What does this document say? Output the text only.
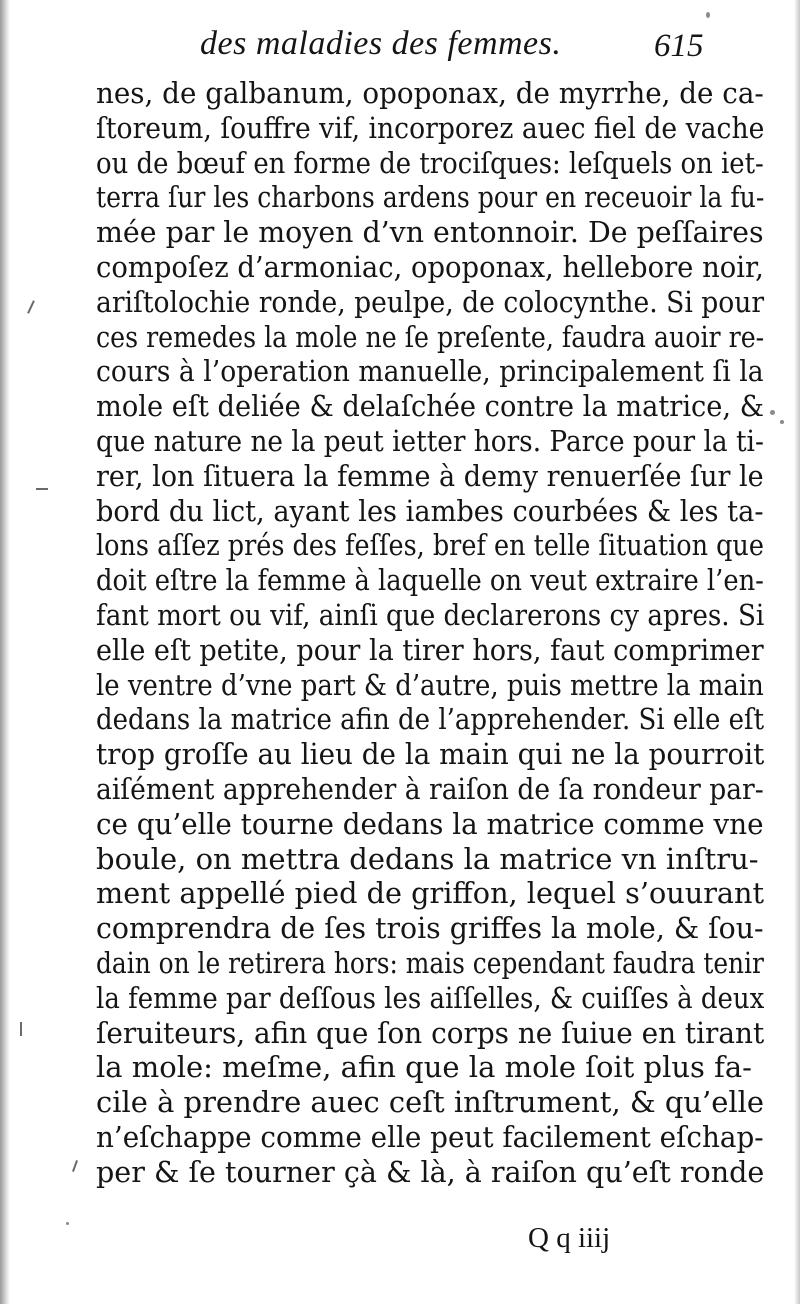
des maladies des femmes.	615
nes, de galbanum, opoponax, de myrrhe, de ca-
ſtoreum, ſouffre vif, incorporez auec fiel de vache
ou de bœuf en forme de trociſques: leſquels on iet-
terra ſur les charbons ardens pour en receuoir la fu-
mée par le moyen d’vn entonnoir. De peſſaires
compoſez d’armoniac, opoponax, hellebore noir,
ariſtolochie ronde, peulpe, de colocynthe. Si pour
ces remedes la mole ne ſe preſente, faudra auoir re-
cours à l’operation manuelle, principalement ſi la
mole eſt deliée & delaſchée contre la matrice, &
que nature ne la peut ietter hors. Parce pour la ti-
rer, lon ſituera la femme à demy renuerſée ſur le
bord du lict, ayant les iambes courbées & les ta-
lons aſſez prés des feſſes, bref en telle ſituation que
doit eſtre la femme à laquelle on veut extraire l’en-
fant mort ou vif, ainſi que declarerons cy apres. Si
elle eſt petite, pour la tirer hors, faut comprimer
le ventre d’vne part & d’autre, puis mettre la main
dedans la matrice afin de l’apprehender. Si elle eſt
trop groſſe au lieu de la main qui ne la pourroit
aiſément apprehender à raiſon de ſa rondeur par-
ce qu’elle tourne dedans la matrice comme vne
boule, on mettra dedans la matrice vn inſtru-
ment appellé pied de griffon, lequel s’ouurant
comprendra de ſes trois griffes la mole, & ſou-
dain on le retirera hors: mais cependant faudra tenir
la femme par deſſous les aiſſelles, & cuiſſes à deux
ſeruiteurs, afin que ſon corps ne ſuiue en tirant
la mole: meſme, afin que la mole ſoit plus fa-
cile à prendre auec ceſt inſtrument, & qu’elle
n’eſchappe comme elle peut facilement eſchap-
per & ſe tourner çà & là, à raiſon qu’eſt ronde
Q q iiij
